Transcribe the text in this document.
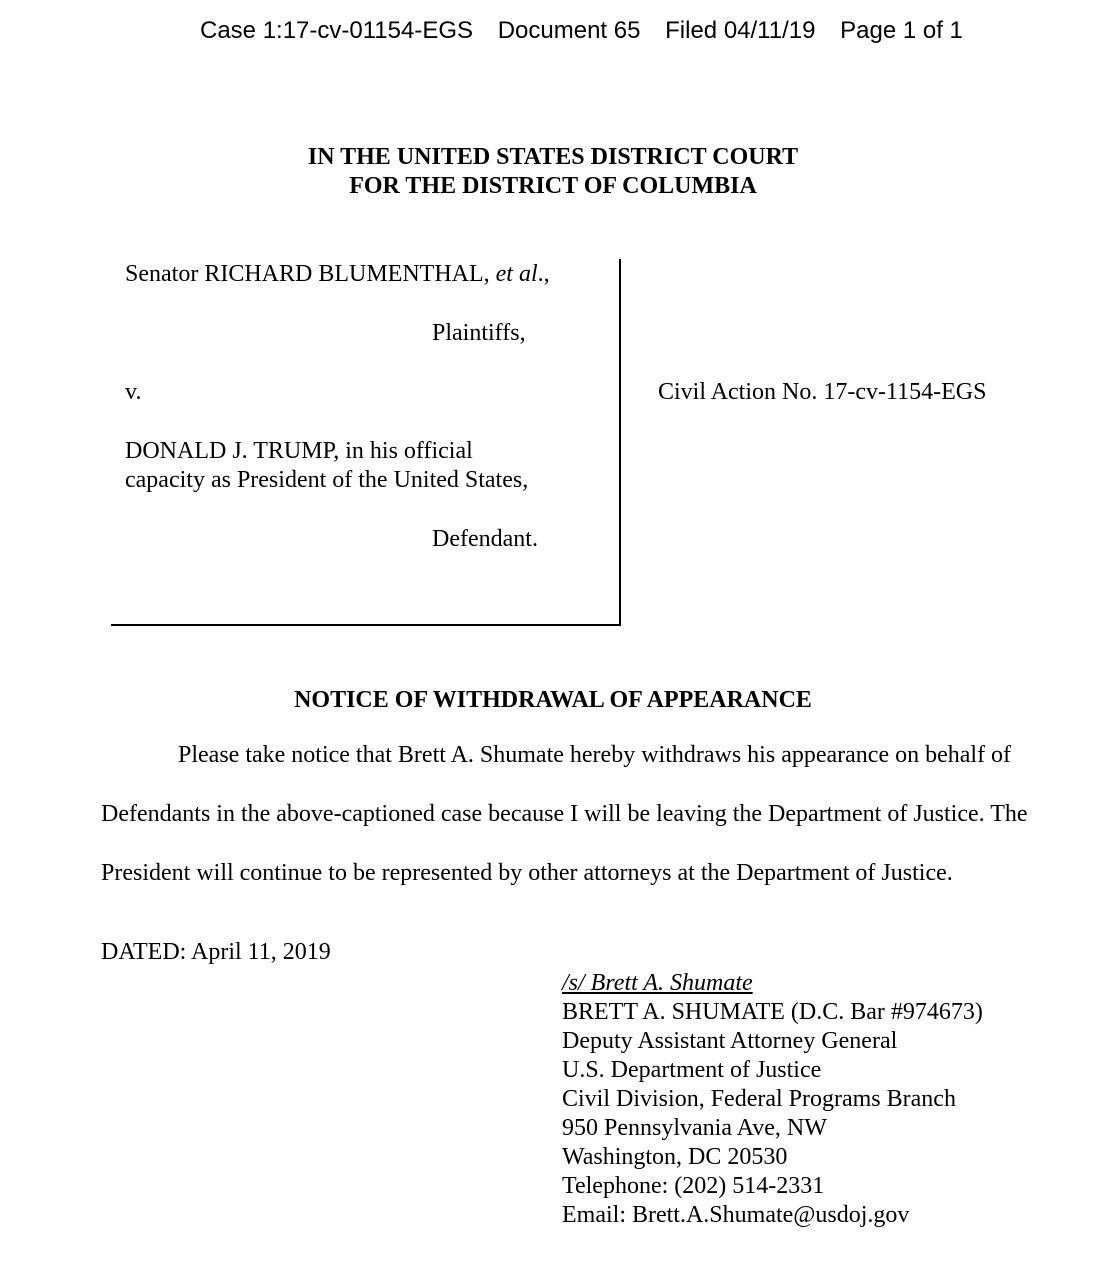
Case 1:17-cv-01154-EGS Document 65 Filed 04/11/19 Page 1 of 1
IN THE UNITED STATES DISTRICT COURT
FOR THE DISTRICT OF COLUMBIA
Senator RICHARD BLUMENTHAL, et al.,
Plaintiffs,
v.	Civil Action No. 17-cv-1154-EGS
DONALD J. TRUMP, in his official
capacity as President of the United States,
Defendant.
NOTICE OF WITHDRAWAL OF APPEARANCE
Please take notice that Brett A. Shumate hereby withdraws his appearance on behalf of
Defendants in the above-captioned case because I will be leaving the Department of Justice. The
President will continue to be represented by other attorneys at the Department of Justice.
DATED: April 11, 2019
/s/ Brett A. Shumate
BRETT A. SHUMATE (D.C. Bar #974673)
Deputy Assistant Attorney General
U.S. Department of Justice
Civil Division, Federal Programs Branch
950 Pennsylvania Ave, NW
Washington, DC 20530
Telephone: (202) 514-2331
Email: Brett.A.Shumate@usdoj.gov
